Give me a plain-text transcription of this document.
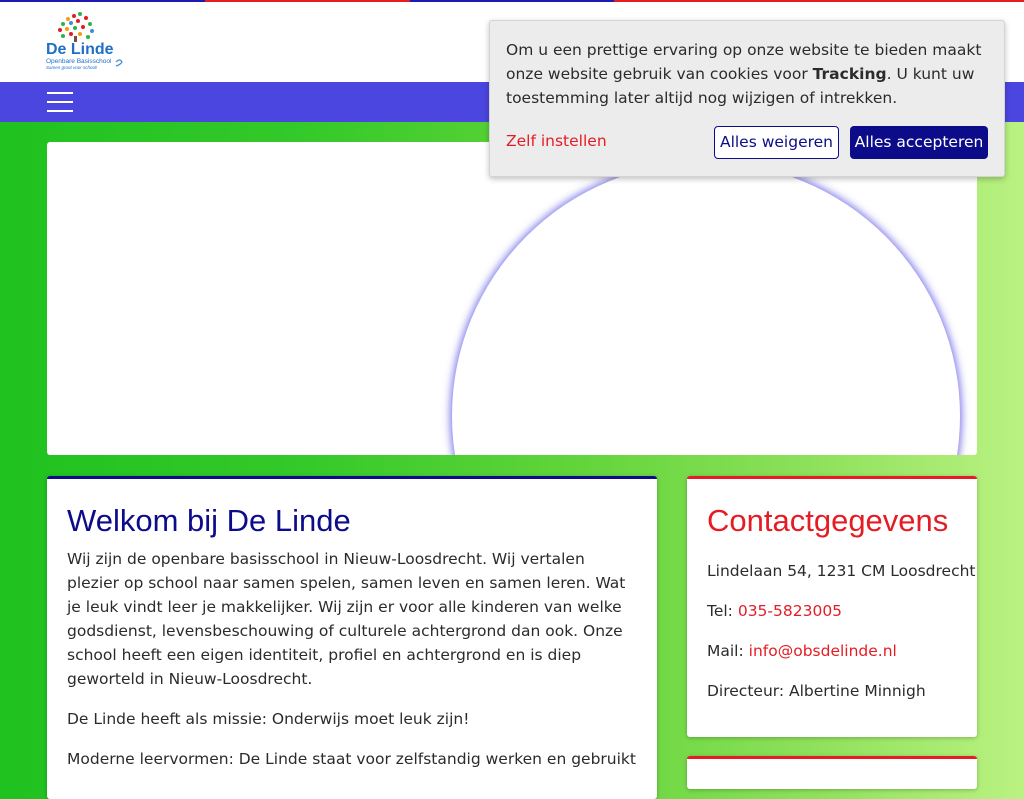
De Linde
Openbare Basisschool
Samen groot voor school!
Welkom bij De Linde

Wij zijn de openbare basisschool in Nieuw-Loosdrecht. Wij vertalen plezier op school naar samen spelen, samen leven en samen leren. Wat je leuk vindt leer je makkelijker. Wij zijn er voor alle kinderen van welke godsdienst, levensbeschouwing of culturele achtergrond dan ook. Onze school heeft een eigen identiteit, profiel en achtergrond en is diep geworteld in Nieuw-Loosdrecht.

De Linde heeft als missie: Onderwijs moet leuk zijn!

Moderne leervormen: De Linde staat voor zelfstandig werken en gebruikt

Contactgegevens
Lindelaan 54, 1231 CM Loosdrecht
Tel: 035-5823005
Mail: info@obsdelinde.nl
Directeur: Albertine Minnigh

Om u een prettige ervaring op onze website te bieden maakt onze website gebruik van cookies voor Tracking. U kunt uw toestemming later altijd nog wijzigen of intrekken.

Zelf instellen	Alles weigeren	Alles accepteren
